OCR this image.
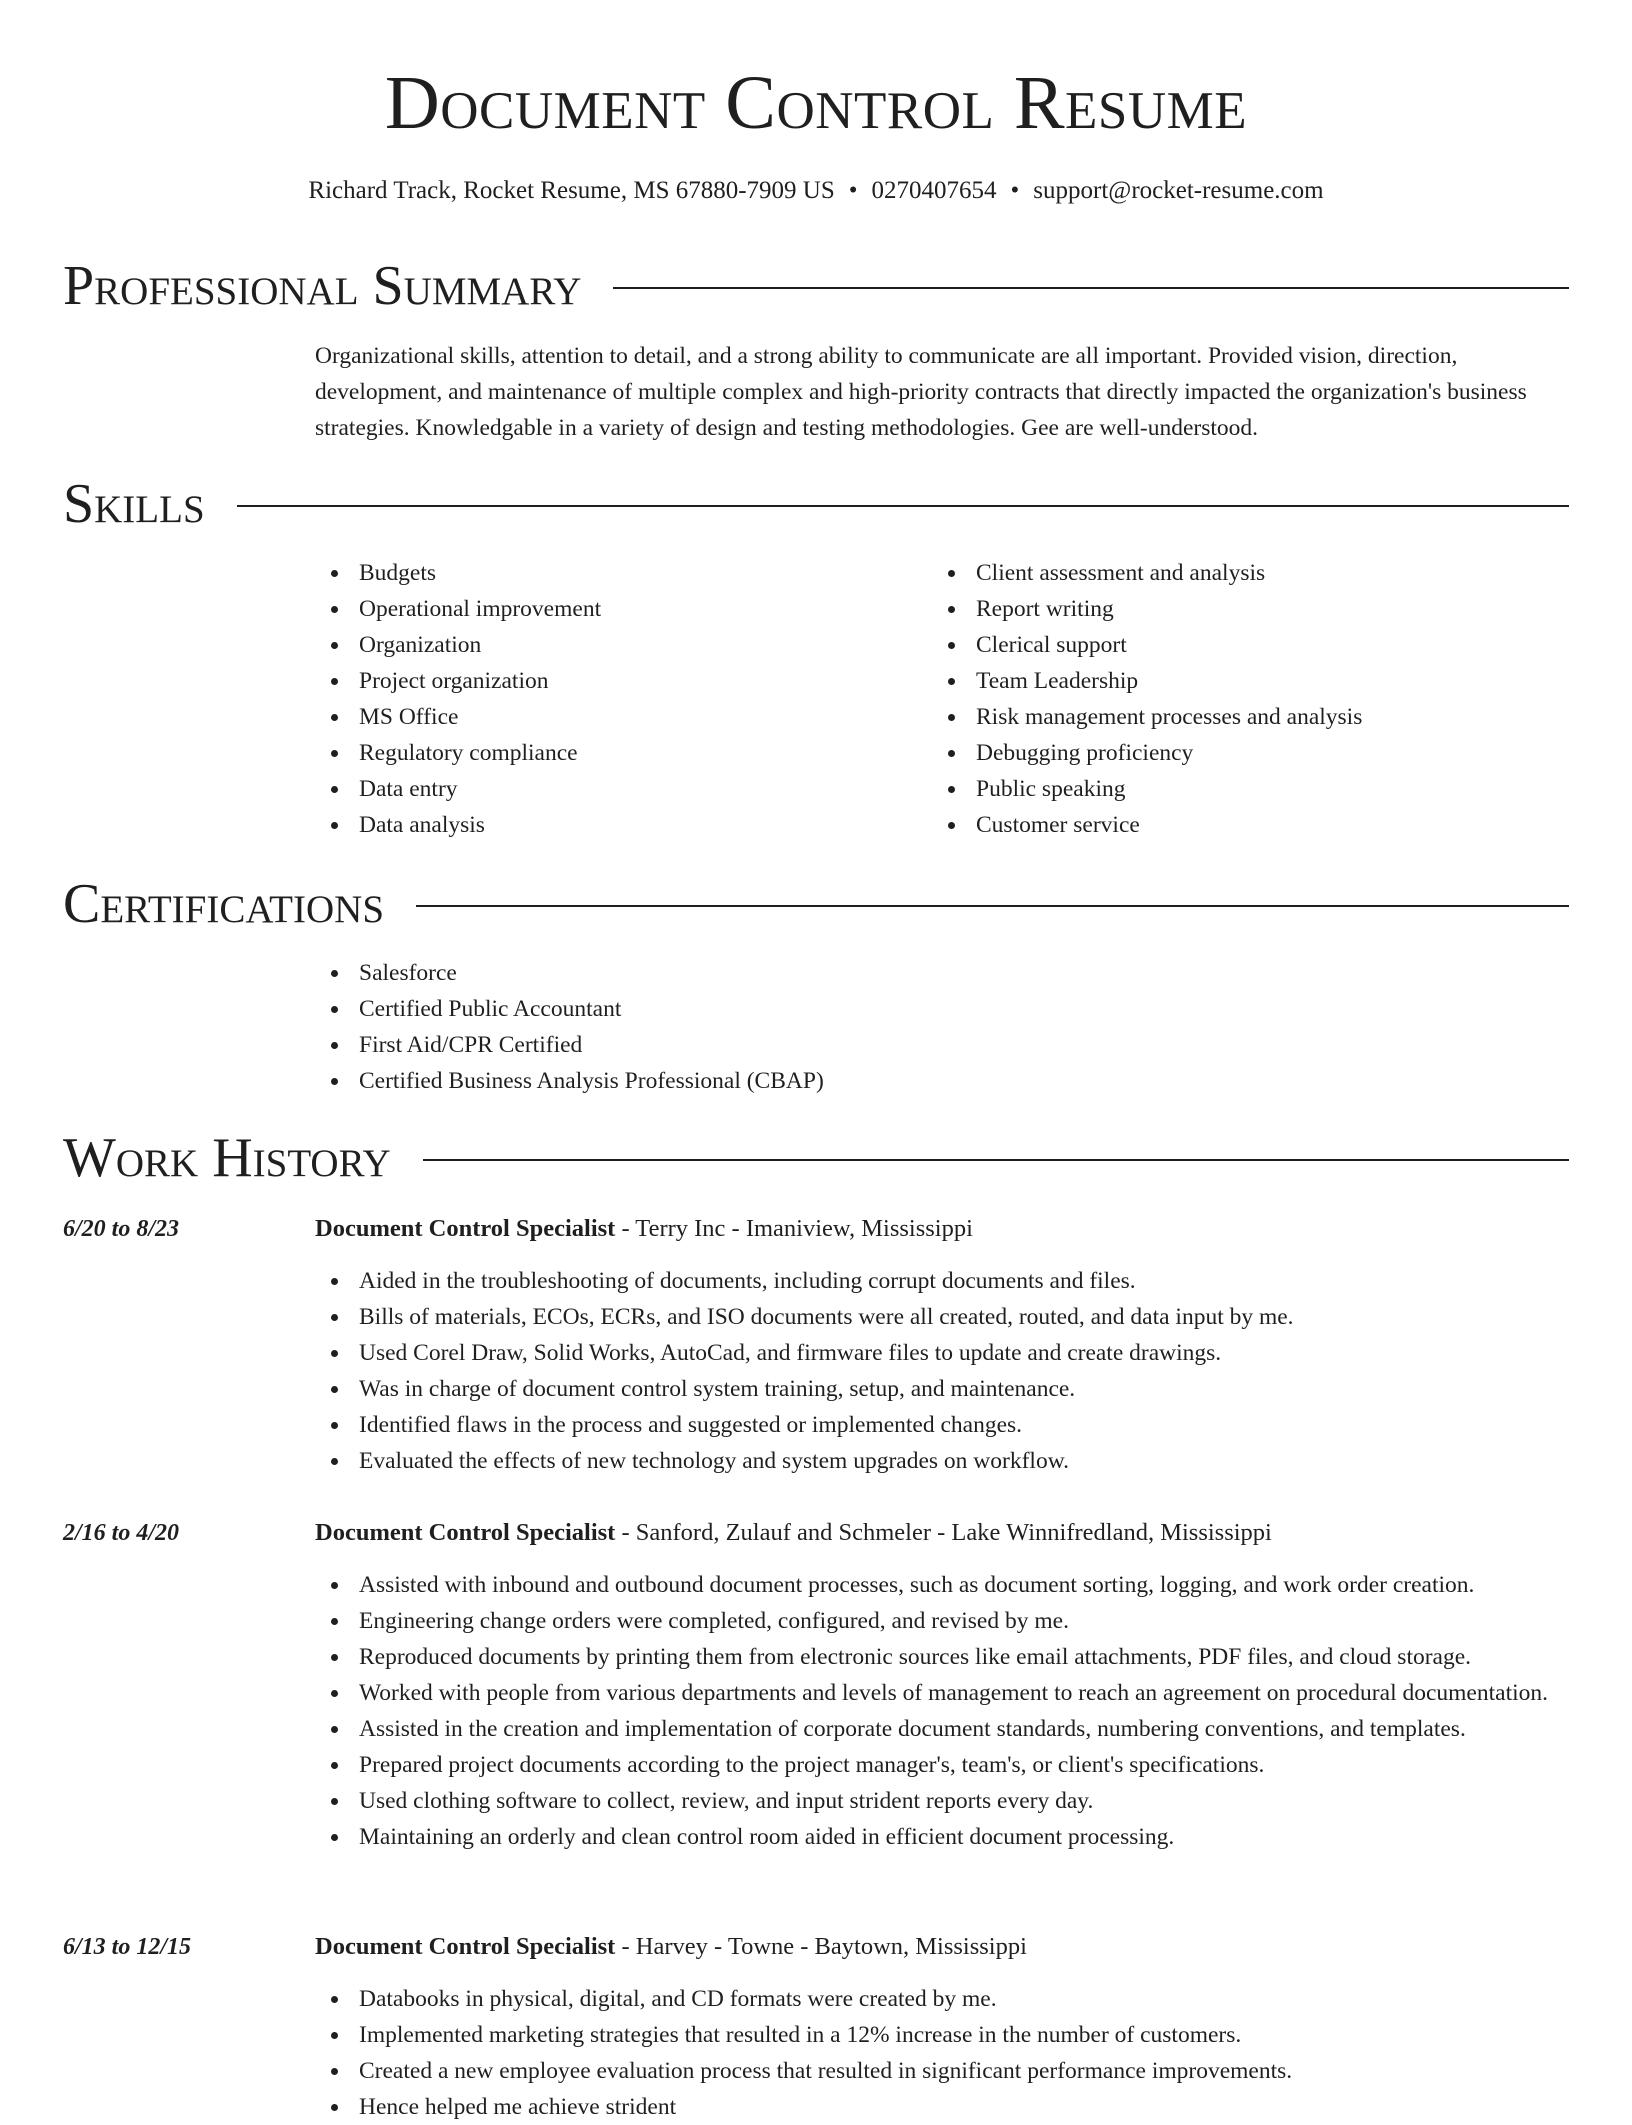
Document Control Resume
Richard Track, Rocket Resume, MS 67880-7909 US • 0270407654 • support@rocket-resume.com
Professional Summary

Organizational skills, attention to detail, and a strong ability to communicate are all important. Provided vision, direction, development, and maintenance of multiple complex and high-priority contracts that directly impacted the organization's business strategies. Knowledgable in a variety of design and testing methodologies. Gee are well-understood.

Skills
Budgets
Operational improvement
Organization
Project organization
MS Office
Regulatory compliance
Data entry
Data analysis
Client assessment and analysis
Report writing
Clerical support
Team Leadership
Risk management processes and analysis
Debugging proficiency
Public speaking
Customer service
Certifications
Salesforce
Certified Public Accountant
First Aid/CPR Certified
Certified Business Analysis Professional (CBAP)
Work History
6/20 to 8/23	Document Control Specialist - Terry Inc - Imaniview, Mississippi
Aided in the troubleshooting of documents, including corrupt documents and files.
Bills of materials, ECOs, ECRs, and ISO documents were all created, routed, and data input by me.
Used Corel Draw, Solid Works, AutoCad, and firmware files to update and create drawings.
Was in charge of document control system training, setup, and maintenance.
Identified flaws in the process and suggested or implemented changes.
Evaluated the effects of new technology and system upgrades on workflow.
2/16 to 4/20	Document Control Specialist - Sanford, Zulauf and Schmeler - Lake Winnifredland, Mississippi
Assisted with inbound and outbound document processes, such as document sorting, logging, and work order creation.
Engineering change orders were completed, configured, and revised by me.
Reproduced documents by printing them from electronic sources like email attachments, PDF files, and cloud storage.
Worked with people from various departments and levels of management to reach an agreement on procedural documentation.
Assisted in the creation and implementation of corporate document standards, numbering conventions, and templates.
Prepared project documents according to the project manager's, team's, or client's specifications.
Used clothing software to collect, review, and input strident reports every day.
Maintaining an orderly and clean control room aided in efficient document processing.
6/13 to 12/15	Document Control Specialist - Harvey - Towne - Baytown, Mississippi
Databooks in physical, digital, and CD formats were created by me.
Implemented marketing strategies that resulted in a 12% increase in the number of customers.
Created a new employee evaluation process that resulted in significant performance improvements.
Hence helped me achieve strident
